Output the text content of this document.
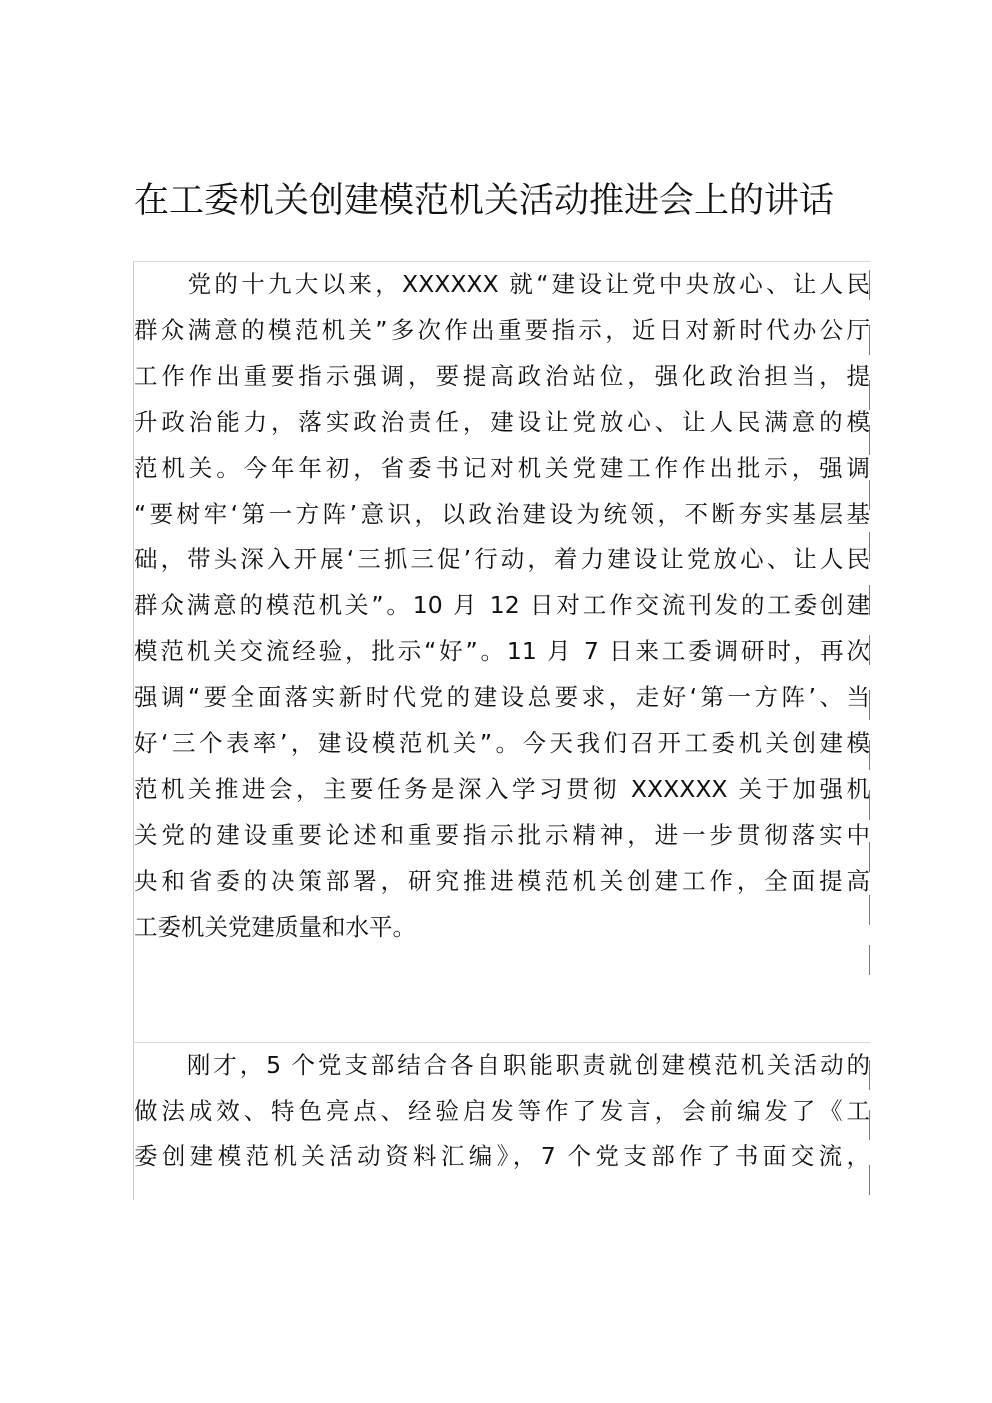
在工委机关创建模范机关活动推进会上的讲话

　　党的十九大以来，XXXXXX 就“建设让党中央放心、让人民
群众满意的模范机关”多次作出重要指示，近日对新时代办公厅
工作作出重要指示强调，要提高政治站位，强化政治担当，提
升政治能力，落实政治责任，建设让党放心、让人民满意的模
范机关。今年年初，省委书记对机关党建工作作出批示，强调
“要树牢‘第一方阵’意识，以政治建设为统领，不断夯实基层基
础，带头深入开展‘三抓三促’行动，着力建设让党放心、让人民
群众满意的模范机关”。10 月 12 日对工作交流刊发的工委创建
模范机关交流经验，批示“好”。11 月 7 日来工委调研时，再次
强调“要全面落实新时代党的建设总要求，走好‘第一方阵’、当
好‘三个表率’，建设模范机关”。今天我们召开工委机关创建模
范机关推进会，主要任务是深入学习贯彻 XXXXXX 关于加强机
关党的建设重要论述和重要指示批示精神，进一步贯彻落实中
央和省委的决策部署，研究推进模范机关创建工作，全面提高
工委机关党建质量和水平。

　　刚才，5 个党支部结合各自职能职责就创建模范机关活动的
做法成效、特色亮点、经验启发等作了发言，会前编发了《工
委创建模范机关活动资料汇编》，7 个党支部作了书面交流，
